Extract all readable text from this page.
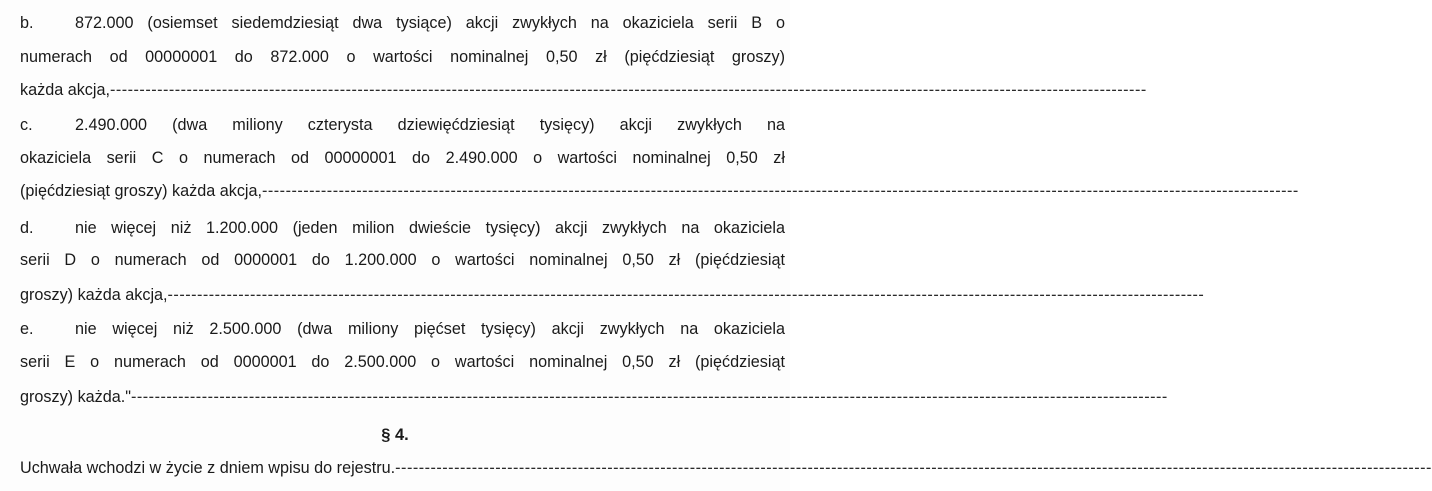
b.	872.000 (osiemset siedemdziesiąt dwa tysiące) akcji zwykłych na okaziciela serii B o
numerach od 00000001 do 872.000 o wartości nominalnej 0,50 zł (pięćdziesiąt groszy)
każda akcja, --------------------------------------------------------------------------------------------------------------------------------------------------------------------------------
c.	2.490.000 (dwa miliony czterysta dziewięćdziesiąt tysięcy) akcji zwykłych na
okaziciela serii C o numerach od 00000001 do 2.490.000 o wartości nominalnej 0,50 zł
(pięćdziesiąt groszy) każda akcja, --------------------------------------------------------------------------------------------------------------------------------------------------------------------------------
d.	nie więcej niż 1.200.000 (jeden milion dwieście tysięcy) akcji zwykłych na okaziciela
serii D o numerach od 0000001 do 1.200.000 o wartości nominalnej 0,50 zł (pięćdziesiąt
groszy) każda akcja, --------------------------------------------------------------------------------------------------------------------------------------------------------------------------------
e.	nie więcej niż 2.500.000 (dwa miliony pięćset tysięcy) akcji zwykłych na okaziciela
serii E o numerach od 0000001 do 2.500.000 o wartości nominalnej 0,50 zł (pięćdziesiąt
groszy) każda." --------------------------------------------------------------------------------------------------------------------------------------------------------------------------------
§ 4.
Uchwała wchodzi w życie z dniem wpisu do rejestru. --------------------------------------------------------------------------------------------------------------------------------------------------------------------------------
